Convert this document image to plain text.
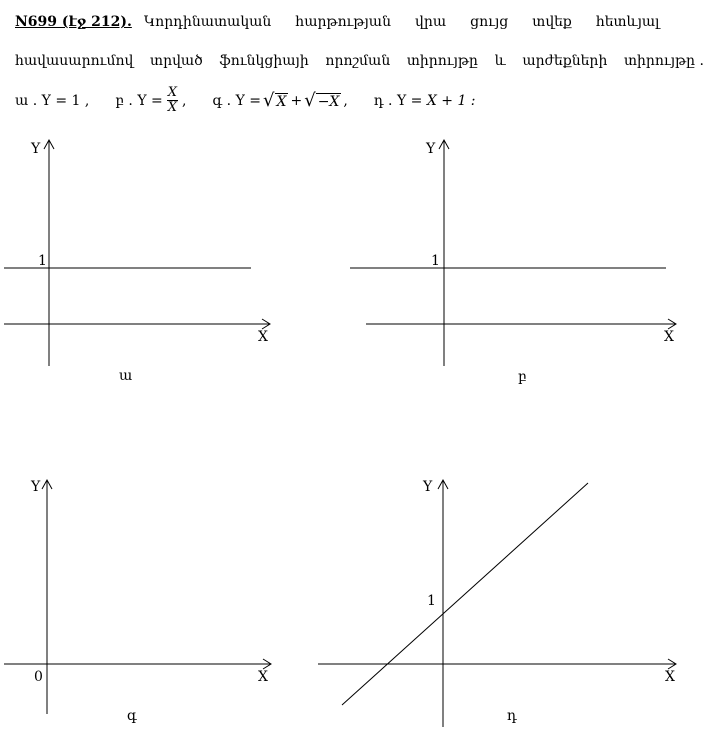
N699 (էջ 212). Կորդինատական հարթության վրա ցույց տվեք հետևյալ
հավասարումով տրված ֆունկցիայի որոշման տիրույթը և արժեքների տիրույթը .
ա .
Y = 1 , բ .
$Y = \frac{X}{X}$ , գ .
Y = √ X + √ −X , դ .
Y =
X + 1 :
Y
X
1
ա
Y
X
1
բ
Y
X
0
գ
Y
X
1
դ
